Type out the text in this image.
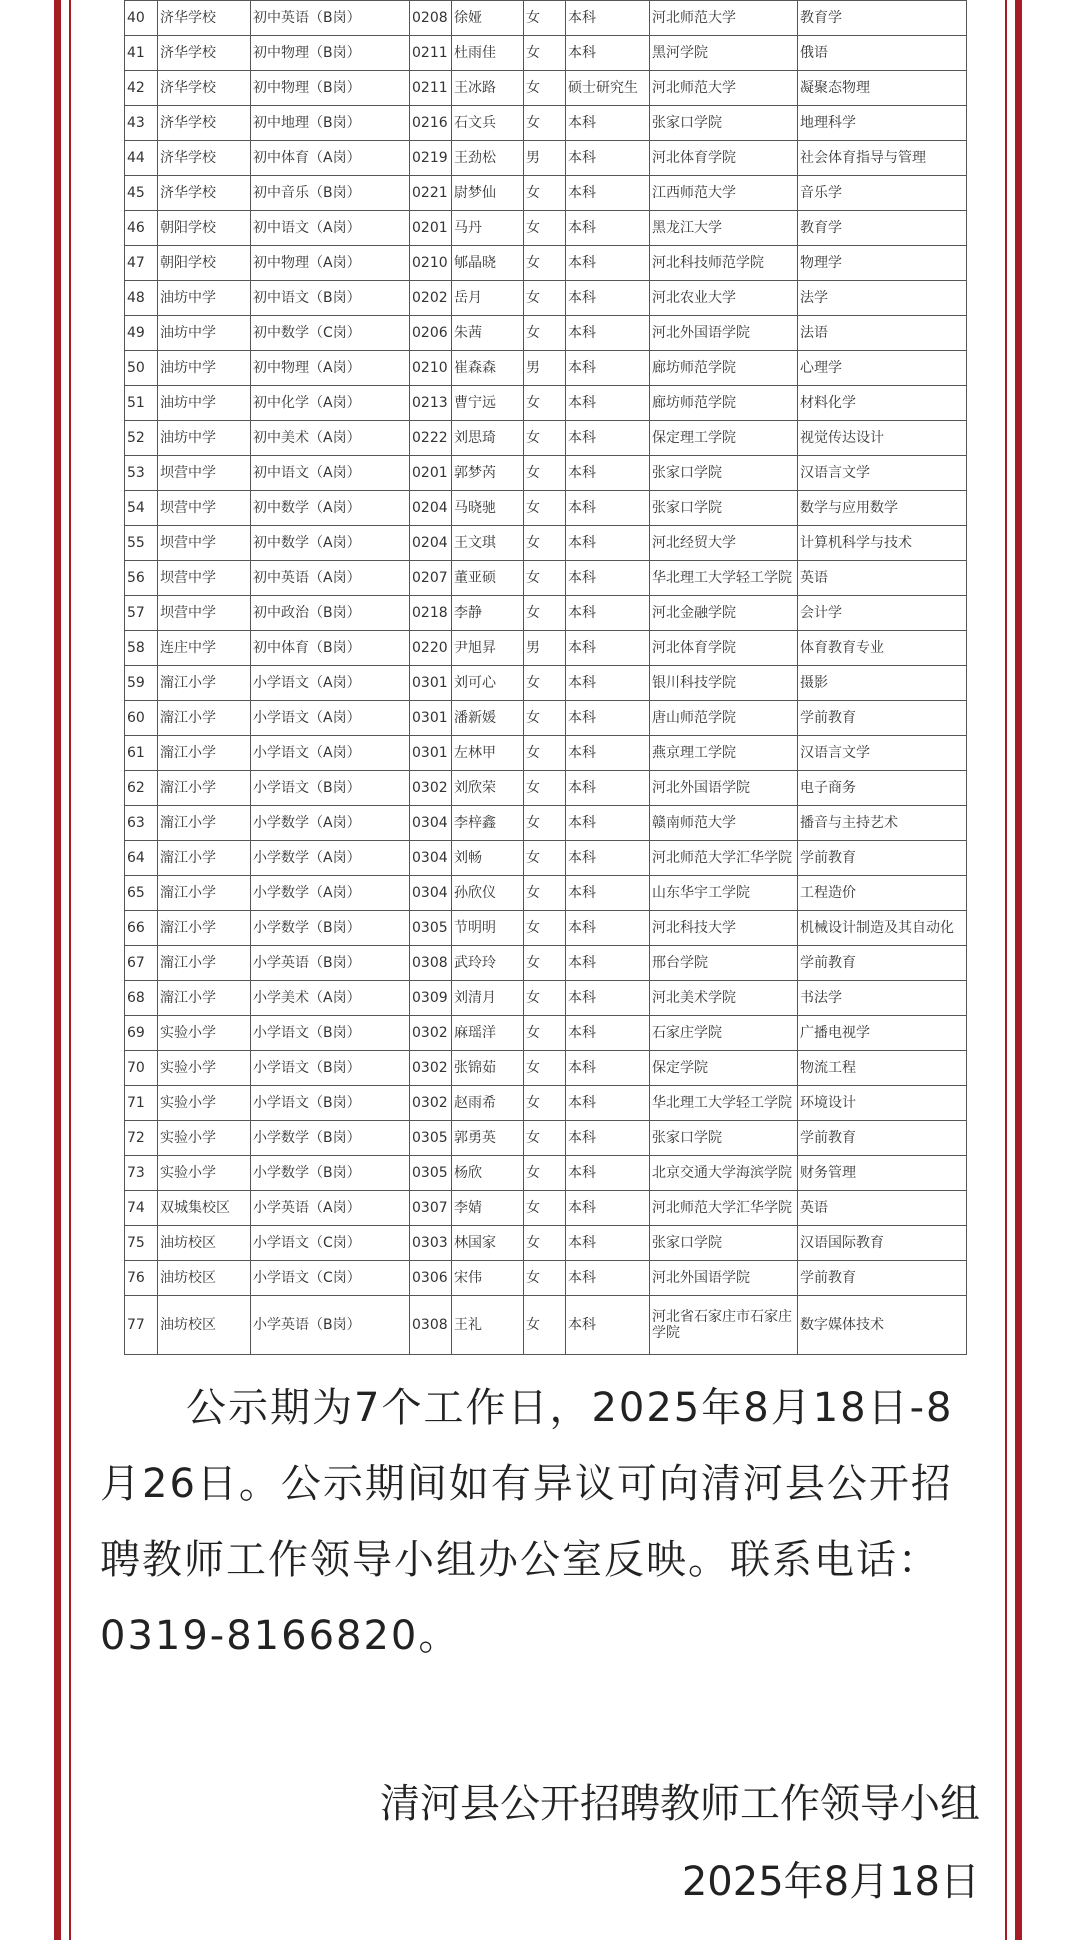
40	济华学校	初中英语（B岗）	0208	徐娅	女	本科	河北师范大学	教育学
41	济华学校	初中物理（B岗）	0211	杜雨佳	女	本科	黑河学院	俄语
42	济华学校	初中物理（B岗）	0211	王冰路	女	硕士研究生	河北师范大学	凝聚态物理
43	济华学校	初中地理（B岗）	0216	石文兵	女	本科	张家口学院	地理科学
44	济华学校	初中体育（A岗）	0219	王劲松	男	本科	河北体育学院	社会体育指导与管理
45	济华学校	初中音乐（B岗）	0221	尉梦仙	女	本科	江西师范大学	音乐学
46	朝阳学校	初中语文（A岗）	0201	马丹	女	本科	黑龙江大学	教育学
47	朝阳学校	初中物理（A岗）	0210	郇晶晓	女	本科	河北科技师范学院	物理学
48	油坊中学	初中语文（B岗）	0202	岳月	女	本科	河北农业大学	法学
49	油坊中学	初中数学（C岗）	0206	朱茜	女	本科	河北外国语学院	法语
50	油坊中学	初中物理（A岗）	0210	崔森森	男	本科	廊坊师范学院	心理学
51	油坊中学	初中化学（A岗）	0213	曹宁远	女	本科	廊坊师范学院	材料化学
52	油坊中学	初中美术（A岗）	0222	刘思琦	女	本科	保定理工学院	视觉传达设计
53	坝营中学	初中语文（A岗）	0201	郭梦芮	女	本科	张家口学院	汉语言文学
54	坝营中学	初中数学（A岗）	0204	马晓驰	女	本科	张家口学院	数学与应用数学
55	坝营中学	初中数学（A岗）	0204	王文琪	女	本科	河北经贸大学	计算机科学与技术
56	坝营中学	初中英语（A岗）	0207	董亚硕	女	本科	华北理工大学轻工学院	英语
57	坝营中学	初中政治（B岗）	0218	李静	女	本科	河北金融学院	会计学
58	连庄中学	初中体育（B岗）	0220	尹旭昇	男	本科	河北体育学院	体育教育专业
59	澝江小学	小学语文（A岗）	0301	刘可心	女	本科	银川科技学院	摄影
60	澝江小学	小学语文（A岗）	0301	潘新媛	女	本科	唐山师范学院	学前教育
61	澝江小学	小学语文（A岗）	0301	左林甲	女	本科	燕京理工学院	汉语言文学
62	澝江小学	小学语文（B岗）	0302	刘欣荣	女	本科	河北外国语学院	电子商务
63	澝江小学	小学数学（A岗）	0304	李梓鑫	女	本科	赣南师范大学	播音与主持艺术
64	澝江小学	小学数学（A岗）	0304	刘畅	女	本科	河北师范大学汇华学院	学前教育
65	澝江小学	小学数学（A岗）	0304	孙欣仪	女	本科	山东华宇工学院	工程造价
66	澝江小学	小学数学（B岗）	0305	节明明	女	本科	河北科技大学	机械设计制造及其自动化
67	澝江小学	小学英语（B岗）	0308	武玲玲	女	本科	邢台学院	学前教育
68	澝江小学	小学美术（A岗）	0309	刘清月	女	本科	河北美术学院	书法学
69	实验小学	小学语文（B岗）	0302	麻瑶洋	女	本科	石家庄学院	广播电视学
70	实验小学	小学语文（B岗）	0302	张锦茹	女	本科	保定学院	物流工程
71	实验小学	小学语文（B岗）	0302	赵雨希	女	本科	华北理工大学轻工学院	环境设计
72	实验小学	小学数学（B岗）	0305	郭勇英	女	本科	张家口学院	学前教育
73	实验小学	小学数学（B岗）	0305	杨欣	女	本科	北京交通大学海滨学院	财务管理
74	双城集校区	小学英语（A岗）	0307	李婧	女	本科	河北师范大学汇华学院	英语
75	油坊校区	小学语文（C岗）	0303	林国家	女	本科	张家口学院	汉语国际教育
76	油坊校区	小学语文（C岗）	0306	宋伟	女	本科	河北外国语学院	学前教育
77	油坊校区	小学英语（B岗）	0308	王礼	女	本科	河北省石家庄市石家庄学院	数字媒体技术

公示期为7个工作日，2025年8月18日-8月26日。公示期间如有异议可向清河县公开招聘教师工作领导小组办公室反映。联系电话：0319-8166820。

清河县公开招聘教师工作领导小组

2025年8月18日
